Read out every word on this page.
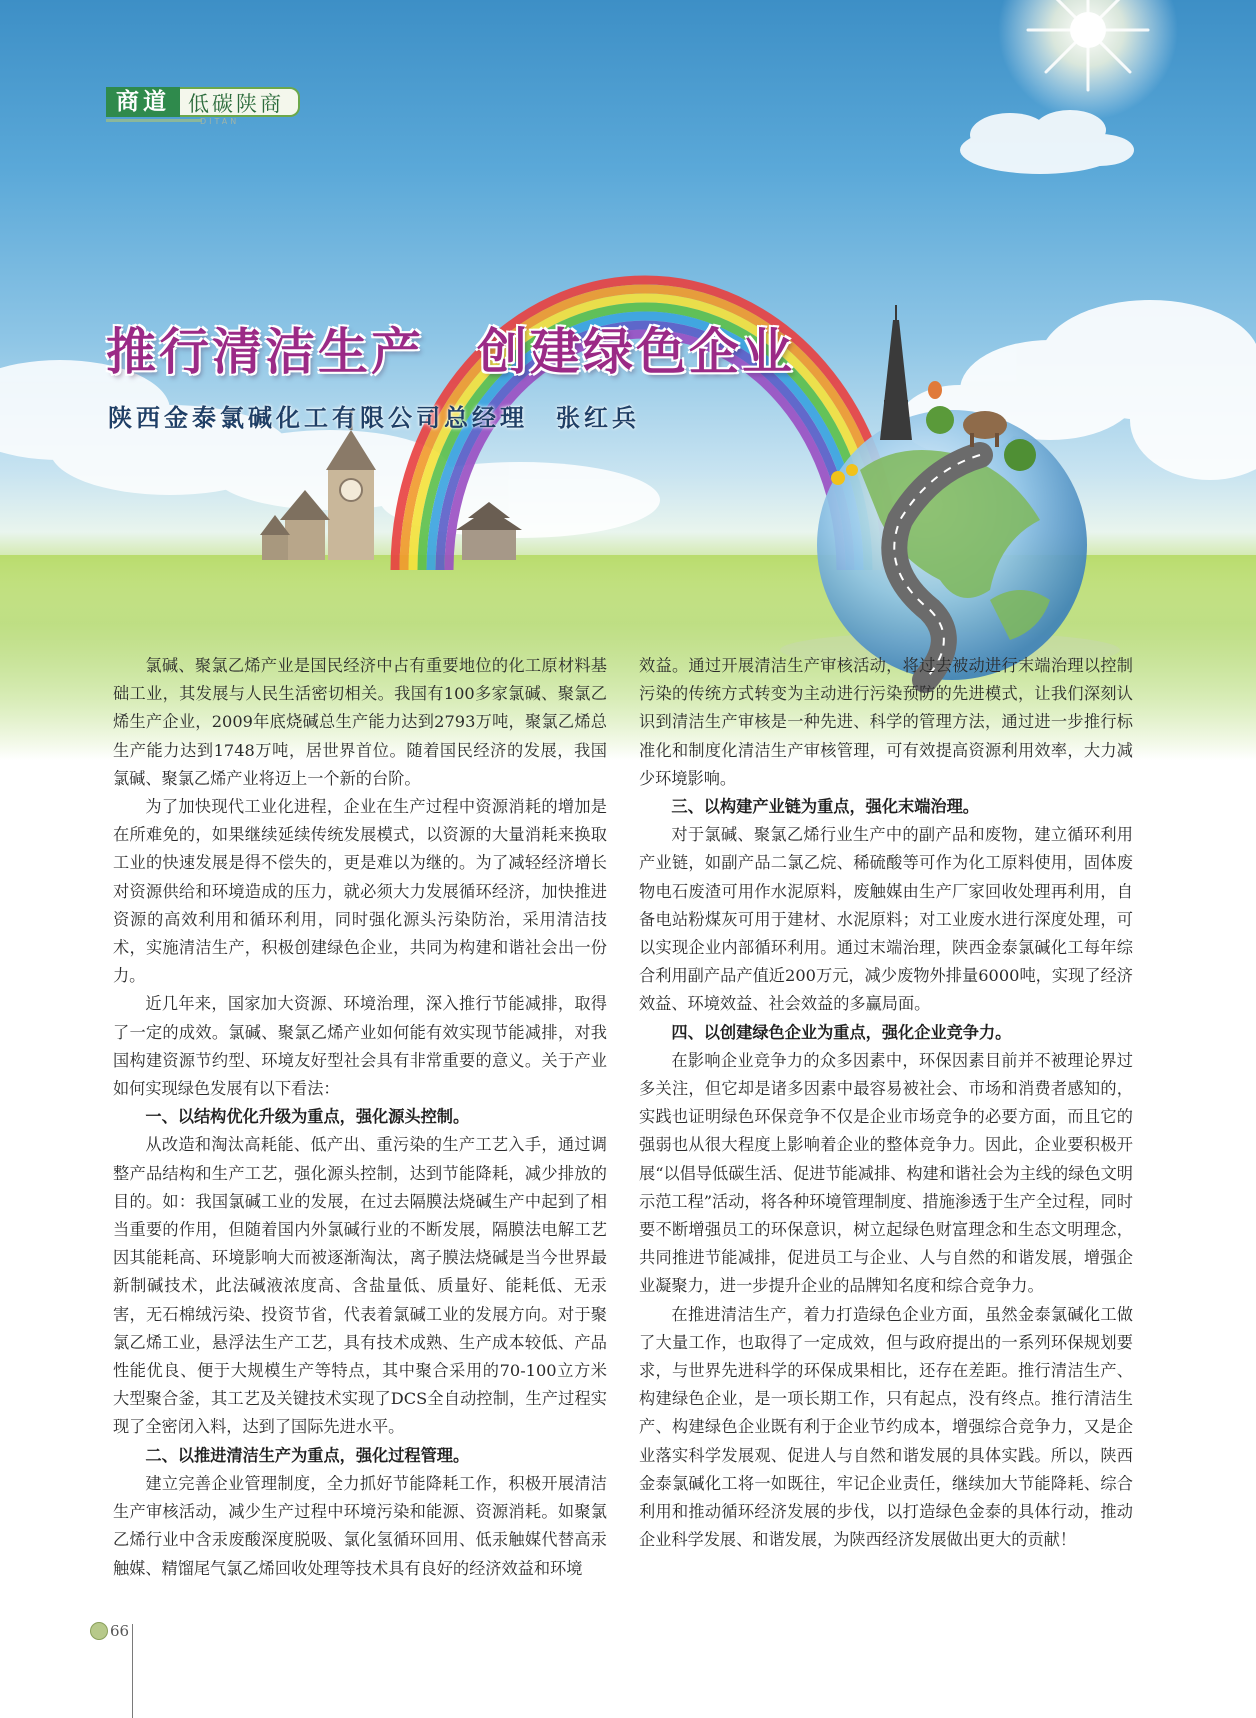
商道 低碳陕商
DITAN
推行清洁生产　创建绿色企业
陕西金泰氯碱化工有限公司总经理　张红兵

氯碱、聚氯乙烯产业是国民经济中占有重要地位的化工原材料基础工业，其发展与人民生活密切相关。我国有100多家氯碱、聚氯乙烯生产企业，2009年底烧碱总生产能力达到2793万吨，聚氯乙烯总生产能力达到1748万吨，居世界首位。随着国民经济的发展，我国氯碱、聚氯乙烯产业将迈上一个新的台阶。

为了加快现代工业化进程，企业在生产过程中资源消耗的增加是在所难免的，如果继续延续传统发展模式，以资源的大量消耗来换取工业的快速发展是得不偿失的，更是难以为继的。为了减轻经济增长对资源供给和环境造成的压力，就必须大力发展循环经济，加快推进资源的高效利用和循环利用，同时强化源头污染防治，采用清洁技术，实施清洁生产，积极创建绿色企业，共同为构建和谐社会出一份力。

近几年来，国家加大资源、环境治理，深入推行节能减排，取得了一定的成效。氯碱、聚氯乙烯产业如何能有效实现节能减排，对我国构建资源节约型、环境友好型社会具有非常重要的意义。关于产业如何实现绿色发展有以下看法：

一、以结构优化升级为重点，强化源头控制。

从改造和淘汰高耗能、低产出、重污染的生产工艺入手，通过调整产品结构和生产工艺，强化源头控制，达到节能降耗，减少排放的目的。如：我国氯碱工业的发展，在过去隔膜法烧碱生产中起到了相当重要的作用，但随着国内外氯碱行业的不断发展，隔膜法电解工艺因其能耗高、环境影响大而被逐渐淘汰，离子膜法烧碱是当今世界最新制碱技术，此法碱液浓度高、含盐量低、质量好、能耗低、无汞害，无石棉绒污染、投资节省，代表着氯碱工业的发展方向。对于聚氯乙烯工业，悬浮法生产工艺，具有技术成熟、生产成本较低、产品性能优良、便于大规模生产等特点，其中聚合采用的70-100立方米大型聚合釜，其工艺及关键技术实现了DCS全自动控制，生产过程实现了全密闭入料，达到了国际先进水平。

二、以推进清洁生产为重点，强化过程管理。

建立完善企业管理制度，全力抓好节能降耗工作，积极开展清洁生产审核活动，减少生产过程中环境污染和能源、资源消耗。如聚氯乙烯行业中含汞废酸深度脱吸、氯化氢循环回用、低汞触媒代替高汞触媒、精馏尾气氯乙烯回收处理等技术具有良好的经济效益和环境

效益。通过开展清洁生产审核活动，将过去被动进行末端治理以控制污染的传统方式转变为主动进行污染预防的先进模式，让我们深刻认识到清洁生产审核是一种先进、科学的管理方法，通过进一步推行标准化和制度化清洁生产审核管理，可有效提高资源利用效率，大力减少环境影响。

三、以构建产业链为重点，强化末端治理。

对于氯碱、聚氯乙烯行业生产中的副产品和废物，建立循环利用产业链，如副产品二氯乙烷、稀硫酸等可作为化工原料使用，固体废物电石废渣可用作水泥原料，废触媒由生产厂家回收处理再利用，自备电站粉煤灰可用于建材、水泥原料；对工业废水进行深度处理，可以实现企业内部循环利用。通过末端治理，陕西金泰氯碱化工每年综合利用副产品产值近200万元，减少废物外排量6000吨，实现了经济效益、环境效益、社会效益的多赢局面。

四、以创建绿色企业为重点，强化企业竞争力。

在影响企业竞争力的众多因素中，环保因素目前并不被理论界过多关注，但它却是诸多因素中最容易被社会、市场和消费者感知的，实践也证明绿色环保竞争不仅是企业市场竞争的必要方面，而且它的强弱也从很大程度上影响着企业的整体竞争力。因此，企业要积极开展“以倡导低碳生活、促进节能减排、构建和谐社会为主线的绿色文明示范工程”活动，将各种环境管理制度、措施渗透于生产全过程，同时要不断增强员工的环保意识，树立起绿色财富理念和生态文明理念，共同推进节能减排，促进员工与企业、人与自然的和谐发展，增强企业凝聚力，进一步提升企业的品牌知名度和综合竞争力。

在推进清洁生产，着力打造绿色企业方面，虽然金泰氯碱化工做了大量工作，也取得了一定成效，但与政府提出的一系列环保规划要求，与世界先进科学的环保成果相比，还存在差距。推行清洁生产、构建绿色企业，是一项长期工作，只有起点，没有终点。推行清洁生产、构建绿色企业既有利于企业节约成本，增强综合竞争力，又是企业落实科学发展观、促进人与自然和谐发展的具体实践。所以，陕西金泰氯碱化工将一如既往，牢记企业责任，继续加大节能降耗、综合利用和推动循环经济发展的步伐，以打造绿色金泰的具体行动，推动企业科学发展、和谐发展，为陕西经济发展做出更大的贡献！

66
